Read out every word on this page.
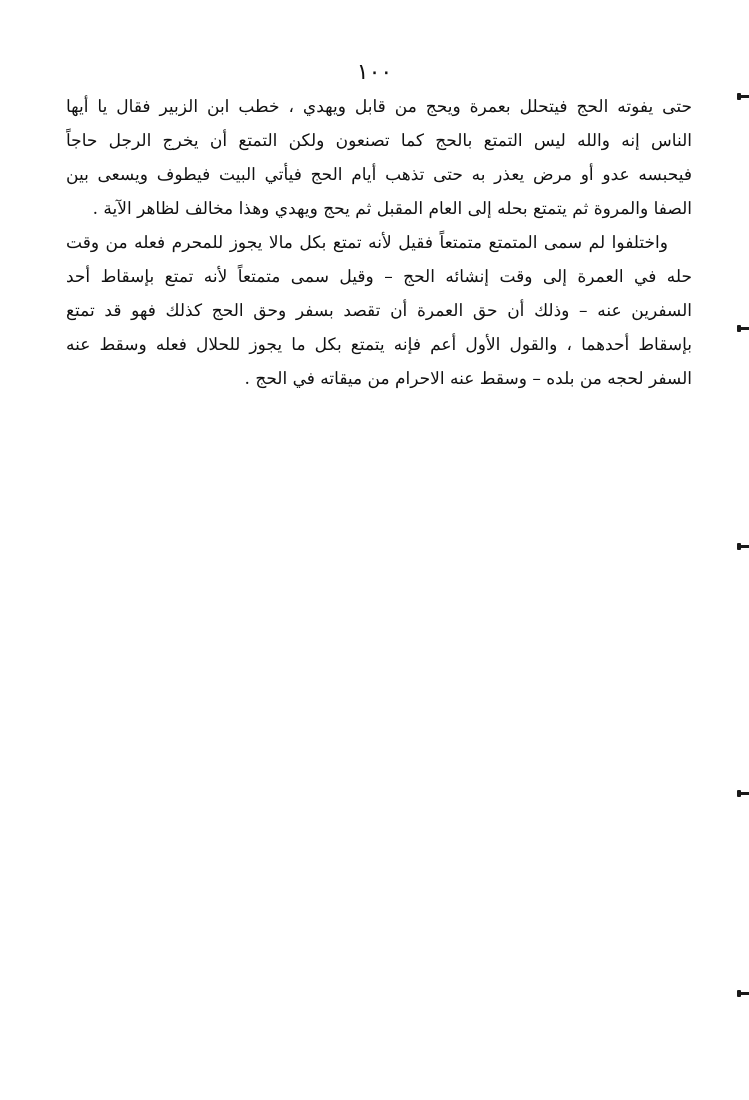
١٠٠
حتى يفوته الحج فيتحلل بعمرة ويحج من قابل ويهدي ، خطب ابن الزبير فقال يا أيها
الناس إنه والله ليس التمتع بالحج كما تصنعون ولكن التمتع أن يخرج الرجل حاجاً
فيحبسه عدو أو مرض يعذر به حتى تذهب أيام الحج فيأتي البيت فيطوف ويسعى بين
الصفا والمروة ثم يتمتع بحله إلى العام المقبل ثم يحج ويهدي وهذا مخالف لظاهر الآية .
واختلفوا لم سمى المتمتع متمتعاً فقيل لأنه تمتع بكل مالا يجوز للمحرم فعله من وقت
حله في العمرة إلى وقت إنشائه الحج – وقيل سمى متمتعاً لأنه تمتع بإسقاط أحد
السفرين عنه – وذلك أن حق العمرة أن تقصد بسفر وحق الحج كذلك فهو قد تمتع
بإسقاط أحدهما ، والقول الأول أعم فإنه يتمتع بكل ما يجوز للحلال فعله وسقط عنه
السفر لحجه من بلده – وسقط عنه الاحرام من ميقاته في الحج .
